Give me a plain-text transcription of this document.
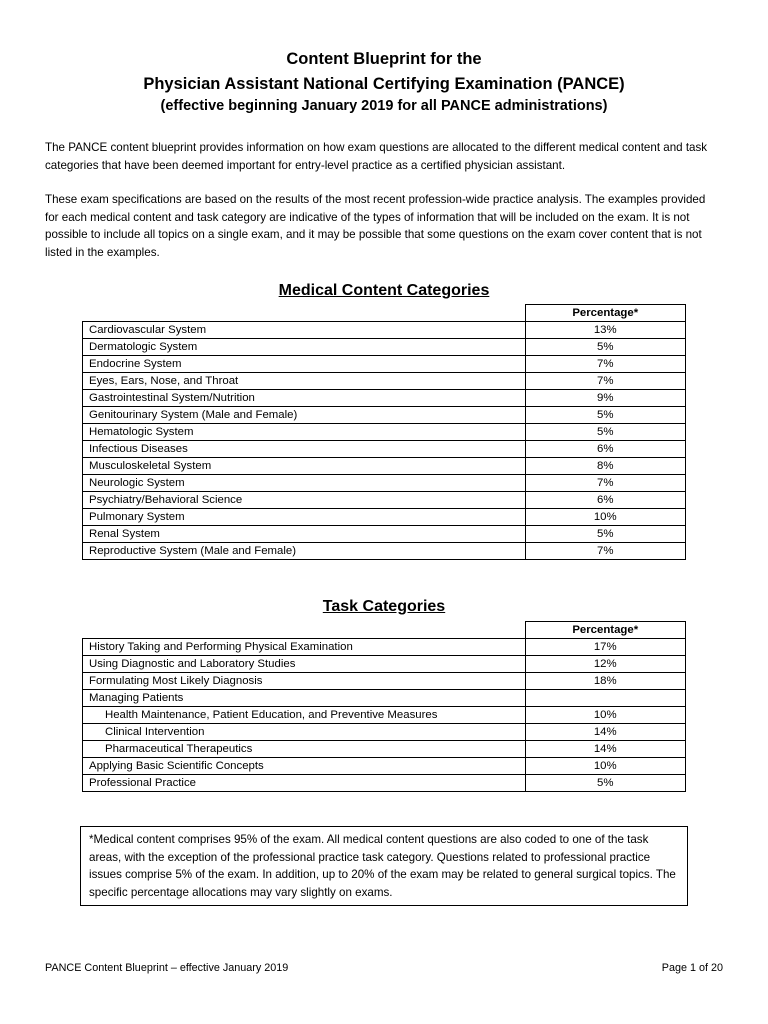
Content Blueprint for the
Physician Assistant National Certifying Examination (PANCE)
(effective beginning January 2019 for all PANCE administrations)
The PANCE content blueprint provides information on how exam questions are allocated to the different medical content and task categories that have been deemed important for entry-level practice as a certified physician assistant.
These exam specifications are based on the results of the most recent profession-wide practice analysis. The examples provided for each medical content and task category are indicative of the types of information that will be included on the exam. It is not possible to include all topics on a single exam, and it may be possible that some questions on the exam cover content that is not listed in the examples.
Medical Content Categories
	Percentage*
Cardiovascular System	13%
Dermatologic System	5%
Endocrine System	7%
Eyes, Ears, Nose, and Throat	7%
Gastrointestinal System/Nutrition	9%
Genitourinary System (Male and Female)	5%
Hematologic System	5%
Infectious Diseases	6%
Musculoskeletal System	8%
Neurologic System	7%
Psychiatry/Behavioral Science	6%
Pulmonary System	10%
Renal System	5%
Reproductive System (Male and Female)	7%
Task Categories
	Percentage*
History Taking and Performing Physical Examination	17%
Using Diagnostic and Laboratory Studies	12%
Formulating Most Likely Diagnosis	18%
Managing Patients	
Health Maintenance, Patient Education, and Preventive Measures	10%
Clinical Intervention	14%
Pharmaceutical Therapeutics	14%
Applying Basic Scientific Concepts	10%
Professional Practice	5%
*Medical content comprises 95% of the exam. All medical content questions are also coded to one of the task areas, with the exception of the professional practice task category. Questions related to professional practice issues comprise 5% of the exam. In addition, up to 20% of the exam may be related to general surgical topics. The specific percentage allocations may vary slightly on exams.
PANCE Content Blueprint – effective January 2019	Page 1 of 20
